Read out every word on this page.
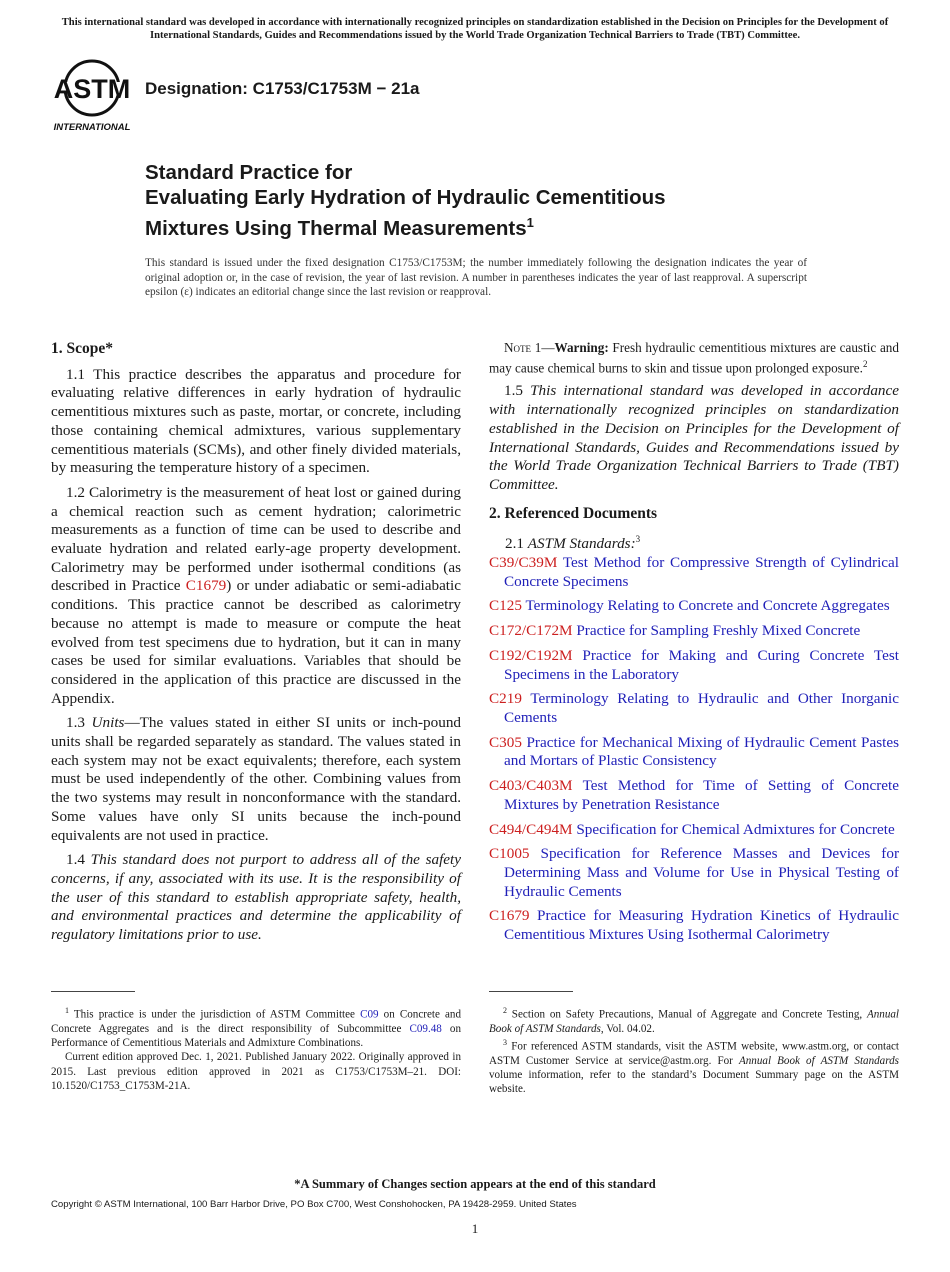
This international standard was developed in accordance with internationally recognized principles on standardization established in the Decision on Principles for the Development of International Standards, Guides and Recommendations issued by the World Trade Organization Technical Barriers to Trade (TBT) Committee.
ASTM
INTERNATIONAL
Designation: C1753/C1753M − 21a
Standard Practice for
Evaluating Early Hydration of Hydraulic Cementitious
Mixtures Using Thermal Measurements$^1$
This standard is issued under the fixed designation C1753/C1753M; the number immediately following the designation indicates the year of original adoption or, in the case of revision, the year of last revision. A number in parentheses indicates the year of last reapproval. A superscript epsilon (ε) indicates an editorial change since the last revision or reapproval.
1. Scope*

1.1 This practice describes the apparatus and procedure for evaluating relative differences in early hydration of hydraulic cementitious mixtures such as paste, mortar, or concrete, including those containing chemical admixtures, various supplementary cementitious materials (SCMs), and other finely divided materials, by measuring the temperature history of a specimen.

1.2 Calorimetry is the measurement of heat lost or gained during a chemical reaction such as cement hydration; calorimetric measurements as a function of time can be used to describe and evaluate hydration and related early-age property development. Calorimetry may be performed under isothermal conditions (as described in Practice C1679) or under adiabatic or semi-adiabatic conditions. This practice cannot be described as calorimetry because no attempt is made to measure or compute the heat evolved from test specimens due to hydration, but it can in many cases be used for similar evaluations. Variables that should be considered in the application of this practice are discussed in the Appendix.

1.3 Units—The values stated in either SI units or inch-pound units shall be regarded separately as standard. The values stated in each system may not be exact equivalents; therefore, each system must be used independently of the other. Combining values from the two systems may result in nonconformance with the standard. Some values have only SI units because the inch-pound equivalents are not used in practice.

1.4 This standard does not purport to address all of the safety concerns, if any, associated with its use. It is the responsibility of the user of this standard to establish appropriate safety, health, and environmental practices and determine the applicability of regulatory limitations prior to use.

Note 1—Warning: Fresh hydraulic cementitious mixtures are caustic and may cause chemical burns to skin and tissue upon prolonged exposure.$^2$

1.5 This international standard was developed in accordance with internationally recognized principles on standardization established in the Decision on Principles for the Development of International Standards, Guides and Recommendations issued by the World Trade Organization Technical Barriers to Trade (TBT) Committee.

2. Referenced Documents
2.1 ASTM Standards:$^3$

C39/C39M Test Method for Compressive Strength of Cylindrical Concrete Specimens

C125 Terminology Relating to Concrete and Concrete Aggregates

C172/C172M Practice for Sampling Freshly Mixed Concrete

C192/C192M Practice for Making and Curing Concrete Test Specimens in the Laboratory

C219 Terminology Relating to Hydraulic and Other Inorganic Cements

C305 Practice for Mechanical Mixing of Hydraulic Cement Pastes and Mortars of Plastic Consistency

C403/C403M Test Method for Time of Setting of Concrete Mixtures by Penetration Resistance

C494/C494M Specification for Chemical Admixtures for Concrete

C1005 Specification for Reference Masses and Devices for Determining Mass and Volume for Use in Physical Testing of Hydraulic Cements

C1679 Practice for Measuring Hydration Kinetics of Hydraulic Cementitious Mixtures Using Isothermal Calorimetry

$^1$ This practice is under the jurisdiction of ASTM Committee C09 on Concrete and Concrete Aggregates and is the direct responsibility of Subcommittee C09.48 on Performance of Cementitious Materials and Admixture Combinations.

Current edition approved Dec. 1, 2021. Published January 2022. Originally approved in 2015. Last previous edition approved in 2021 as C1753/C1753M–21. DOI: 10.1520/C1753_C1753M-21A.

$^2$ Section on Safety Precautions, Manual of Aggregate and Concrete Testing, Annual Book of ASTM Standards, Vol. 04.02.

$^3$ For referenced ASTM standards, visit the ASTM website, www.astm.org, or contact ASTM Customer Service at service@astm.org. For Annual Book of ASTM Standards volume information, refer to the standard’s Document Summary page on the ASTM website.

*A Summary of Changes section appears at the end of this standard
Copyright © ASTM International, 100 Barr Harbor Drive, PO Box C700, West Conshohocken, PA 19428-2959. United States
1
